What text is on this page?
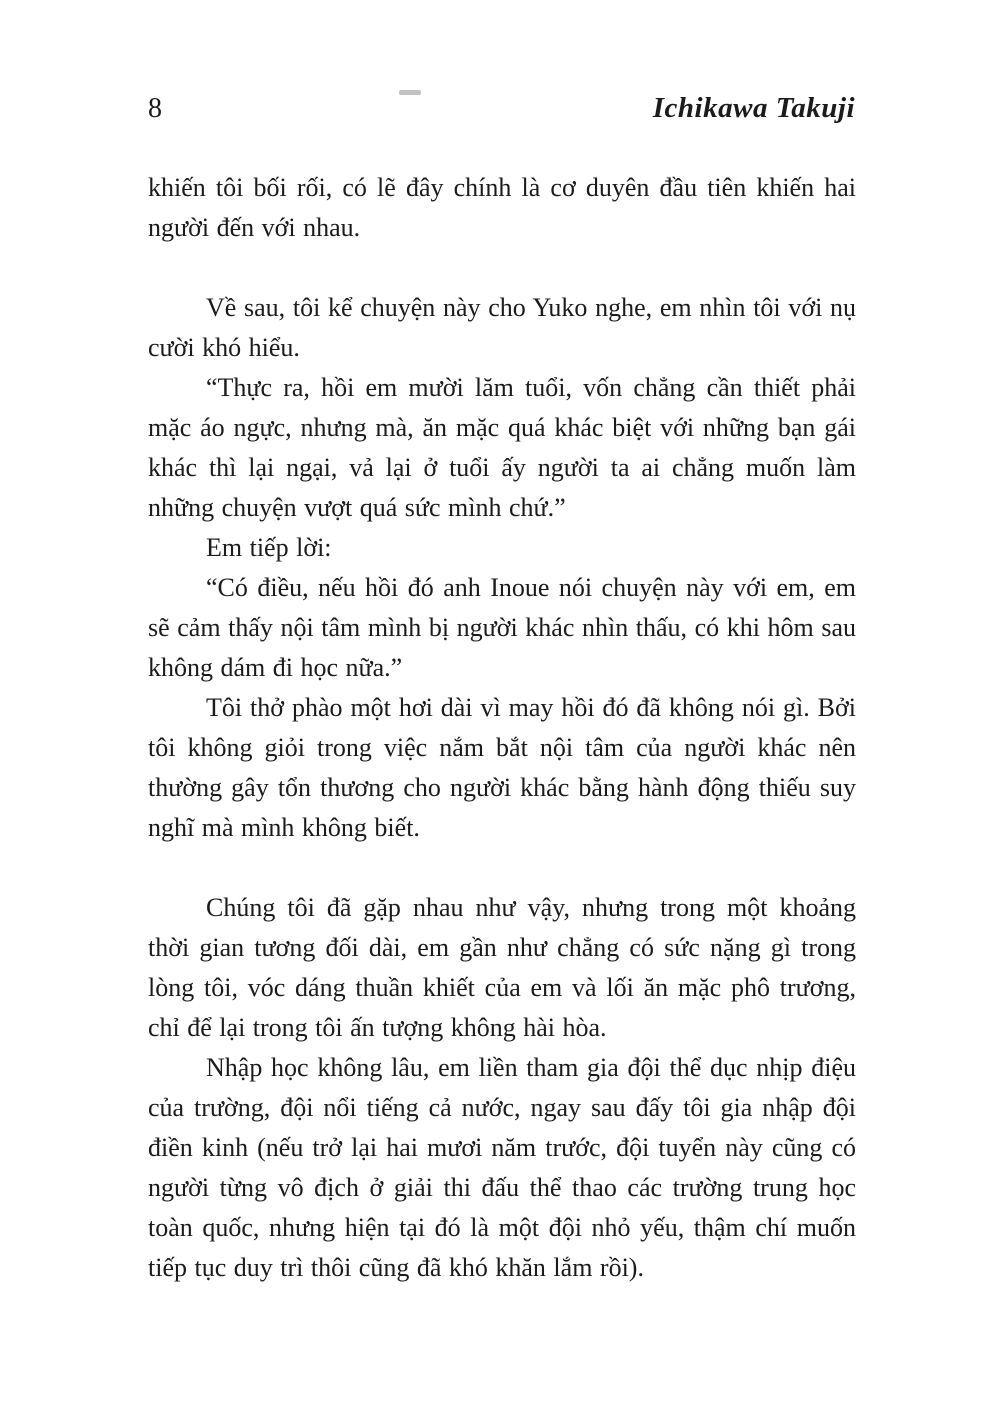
8	Ichikawa Takuji

khiến tôi bối rối, có lẽ đây chính là cơ duyên đầu tiên khiến hai người đến với nhau.

Về sau, tôi kể chuyện này cho Yuko nghe, em nhìn tôi với nụ cười khó hiểu.

“Thực ra, hồi em mười lăm tuổi, vốn chẳng cần thiết phải mặc áo ngực, nhưng mà, ăn mặc quá khác biệt với những bạn gái khác thì lại ngại, vả lại ở tuổi ấy người ta ai chẳng muốn làm những chuyện vượt quá sức mình chứ.”

Em tiếp lời:

“Có điều, nếu hồi đó anh Inoue nói chuyện này với em, em sẽ cảm thấy nội tâm mình bị người khác nhìn thấu, có khi hôm sau không dám đi học nữa.”

Tôi thở phào một hơi dài vì may hồi đó đã không nói gì. Bởi tôi không giỏi trong việc nắm bắt nội tâm của người khác nên thường gây tổn thương cho người khác bằng hành động thiếu suy nghĩ mà mình không biết.

Chúng tôi đã gặp nhau như vậy, nhưng trong một khoảng thời gian tương đối dài, em gần như chẳng có sức nặng gì trong lòng tôi, vóc dáng thuần khiết của em và lối ăn mặc phô trương, chỉ để lại trong tôi ấn tượng không hài hòa.

Nhập học không lâu, em liền tham gia đội thể dục nhịp điệu của trường, đội nổi tiếng cả nước, ngay sau đấy tôi gia nhập đội điền kinh (nếu trở lại hai mươi năm trước, đội tuyển này cũng có người từng vô địch ở giải thi đấu thể thao các trường trung học toàn quốc, nhưng hiện tại đó là một đội nhỏ yếu, thậm chí muốn tiếp tục duy trì thôi cũng đã khó khăn lắm rồi).
